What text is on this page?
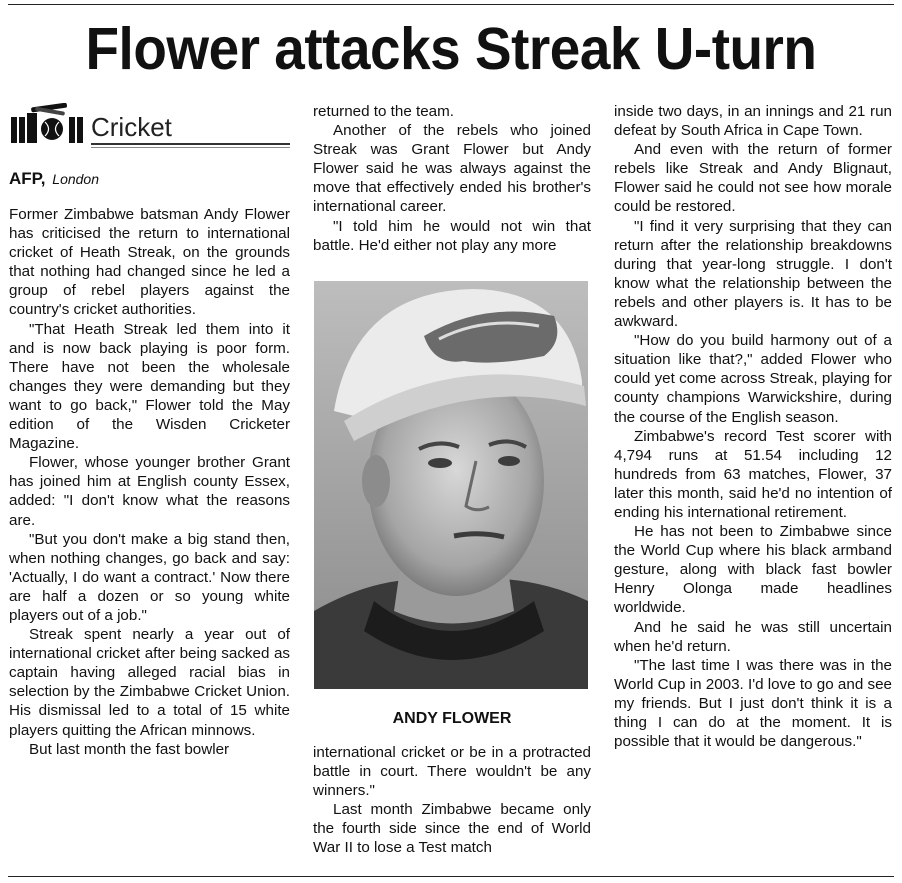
Flower attacks Streak U-turn
Cricket
AFP, London

Former Zimbabwe batsman Andy Flower has criticised the return to international cricket of Heath Streak, on the grounds that nothing had changed since he led a group of rebel players against the country's cricket authorities.

"That Heath Streak led them into it and is now back playing is poor form. There have not been the wholesale changes they were demanding but they want to go back," Flower told the May edition of the Wisden Cricketer Magazine.

Flower, whose younger brother Grant has joined him at English county Essex, added: "I don't know what the reasons are.

"But you don't make a big stand then, when nothing changes, go back and say: 'Actually, I do want a contract.' Now there are half a dozen or so young white players out of a job."

Streak spent nearly a year out of international cricket after being sacked as captain having alleged racial bias in selection by the Zimbabwe Cricket Union. His dismissal led to a total of 15 white players quitting the African minnows.

But last month the fast bowler

returned to the team.

Another of the rebels who joined Streak was Grant Flower but Andy Flower said he was always against the move that effectively ended his brother's international career.

"I told him he would not win that battle. He'd either not play any more

ANDY FLOWER

international cricket or be in a protracted battle in court. There wouldn't be any winners."

Last month Zimbabwe became only the fourth side since the end of World War II to lose a Test match

inside two days, in an innings and 21 run defeat by South Africa in Cape Town.

And even with the return of former rebels like Streak and Andy Blignaut, Flower said he could not see how morale could be restored.

"I find it very surprising that they can return after the relationship breakdowns during that year-long struggle. I don't know what the relationship between the rebels and other players is. It has to be awkward.

"How do you build harmony out of a situation like that?," added Flower who could yet come across Streak, playing for county champions Warwickshire, during the course of the English season.

Zimbabwe's record Test scorer with 4,794 runs at 51.54 including 12 hundreds from 63 matches, Flower, 37 later this month, said he'd no intention of ending his international retirement.

He has not been to Zimbabwe since the World Cup where his black armband gesture, along with black fast bowler Henry Olonga made headlines worldwide.

And he said he was still uncertain when he'd return.

"The last time I was there was in the World Cup in 2003. I'd love to go and see my friends. But I just don't think it is a thing I can do at the moment. It is possible that it would be dangerous."
